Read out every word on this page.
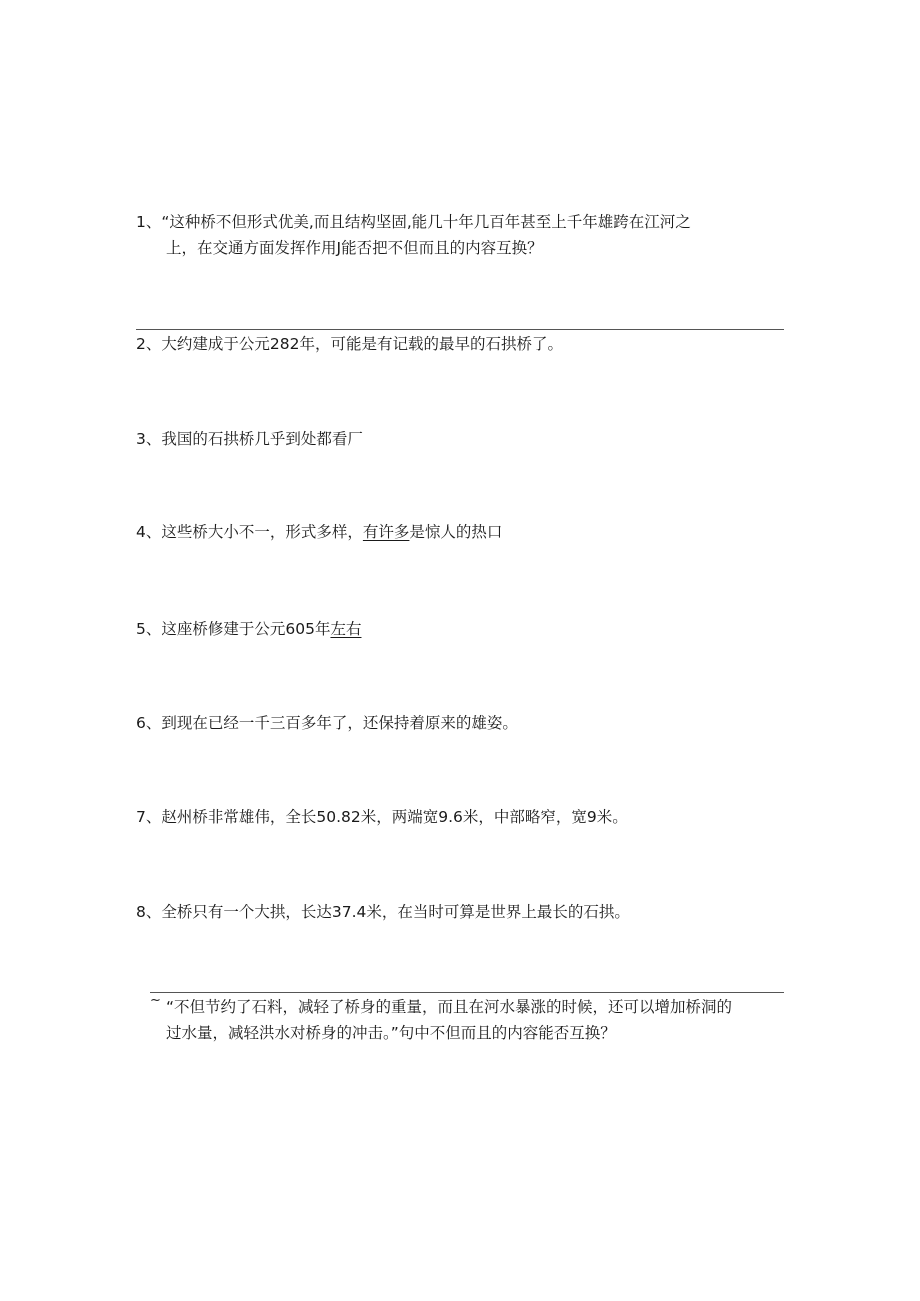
1、“这种桥不但形式优美,而且结构坚固,能几十年几百年甚至上千年雄跨在江河之
上，在交通方面发挥作用J能否把不但而且的内容互换？
2、大约建成于公元282年，可能是有记载的最早的石拱桥了。
3、我国的石拱桥几乎到处都看厂
4、这些桥大小不一，形式多样，有许多是惊人的热口
5、这座桥修建于公元605年左右
6、到现在已经一千三百多年了，还保持着原来的雄姿。
7、赵州桥非常雄伟，全长50.82米，两端宽9.6米，中部略窄，宽9米。
8、全桥只有一个大拱，长达37.4米，在当时可算是世界上最长的石拱。
~ “不但节约了石料，减轻了桥身的重量，而且在河水暴涨的时候，还可以增加桥洞的
过水量，减轻洪水对桥身的冲击。”句中不但而且的内容能否互换？
